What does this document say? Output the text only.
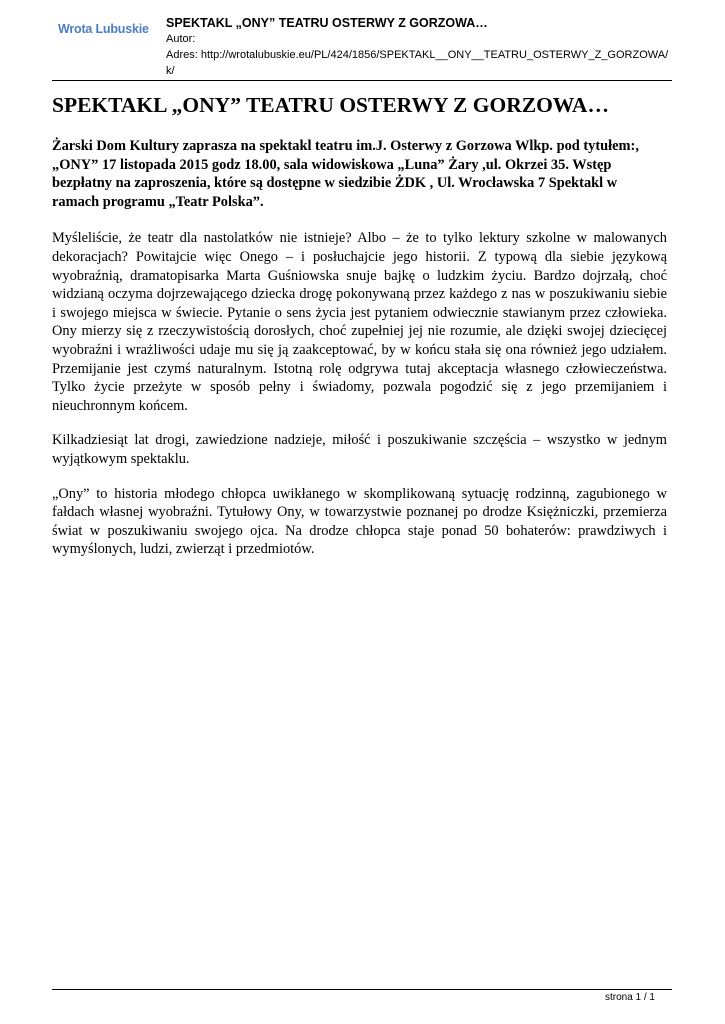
Wrota Lubuskie SPEKTAKL „ONY” TEATRU OSTERWY Z GORZOWA…
Autor:
Adres: http://wrotalubuskie.eu/PL/424/1856/SPEKTAKL__ONY__TEATRU_OSTERWY_Z_GORZOWA/k/
SPEKTAKL „ONY” TEATRU OSTERWY Z GORZOWA…

Żarski Dom Kultury zaprasza na spektakl teatru im.J. Osterwy z Gorzowa Wlkp. pod tytułem:, „ONY” 17 listopada 2015 godz 18.00, sala widowiskowa „Luna” Żary ,ul. Okrzei 35. Wstęp bezpłatny na zaproszenia, które są dostępne w siedzibie ŻDK , Ul. Wrocławska 7 Spektakl w ramach programu „Teatr Polska”.

Myśleliście, że teatr dla nastolatków nie istnieje? Albo – że to tylko lektury szkolne w malowanych dekoracjach? Powitajcie więc Onego – i posłuchajcie jego historii. Z typową dla siebie językową wyobraźnią, dramatopisarka Marta Guśniowska snuje bajkę o ludzkim życiu. Bardzo dojrzałą, choć widzianą oczyma dojrzewającego dziecka drogę pokonywaną przez każdego z nas w poszukiwaniu siebie i swojego miejsca w świecie. Pytanie o sens życia jest pytaniem odwiecznie stawianym przez człowieka. Ony mierzy się z rzeczywistością dorosłych, choć zupełniej jej nie rozumie, ale dzięki swojej dziecięcej wyobraźni i wrażliwości udaje mu się ją zaakceptować, by w końcu stała się ona również jego udziałem. Przemijanie jest czymś naturalnym. Istotną rolę odgrywa tutaj akceptacja własnego człowieczeństwa. Tylko życie przeżyte w sposób pełny i świadomy, pozwala pogodzić się z jego przemijaniem i nieuchronnym końcem.

Kilkadziesiąt lat drogi, zawiedzione nadzieje, miłość i poszukiwanie szczęścia – wszystko w jednym wyjątkowym spektaklu.

„Ony” to historia młodego chłopca uwikłanego w skomplikowaną sytuację rodzinną, zagubionego w fałdach własnej wyobraźni. Tytułowy Ony, w towarzystwie poznanej po drodze Księżniczki, przemierza świat w poszukiwaniu swojego ojca. Na drodze chłopca staje ponad 50 bohaterów: prawdziwych i wymyślonych, ludzi, zwierząt i przedmiotów.

strona 1 / 1
